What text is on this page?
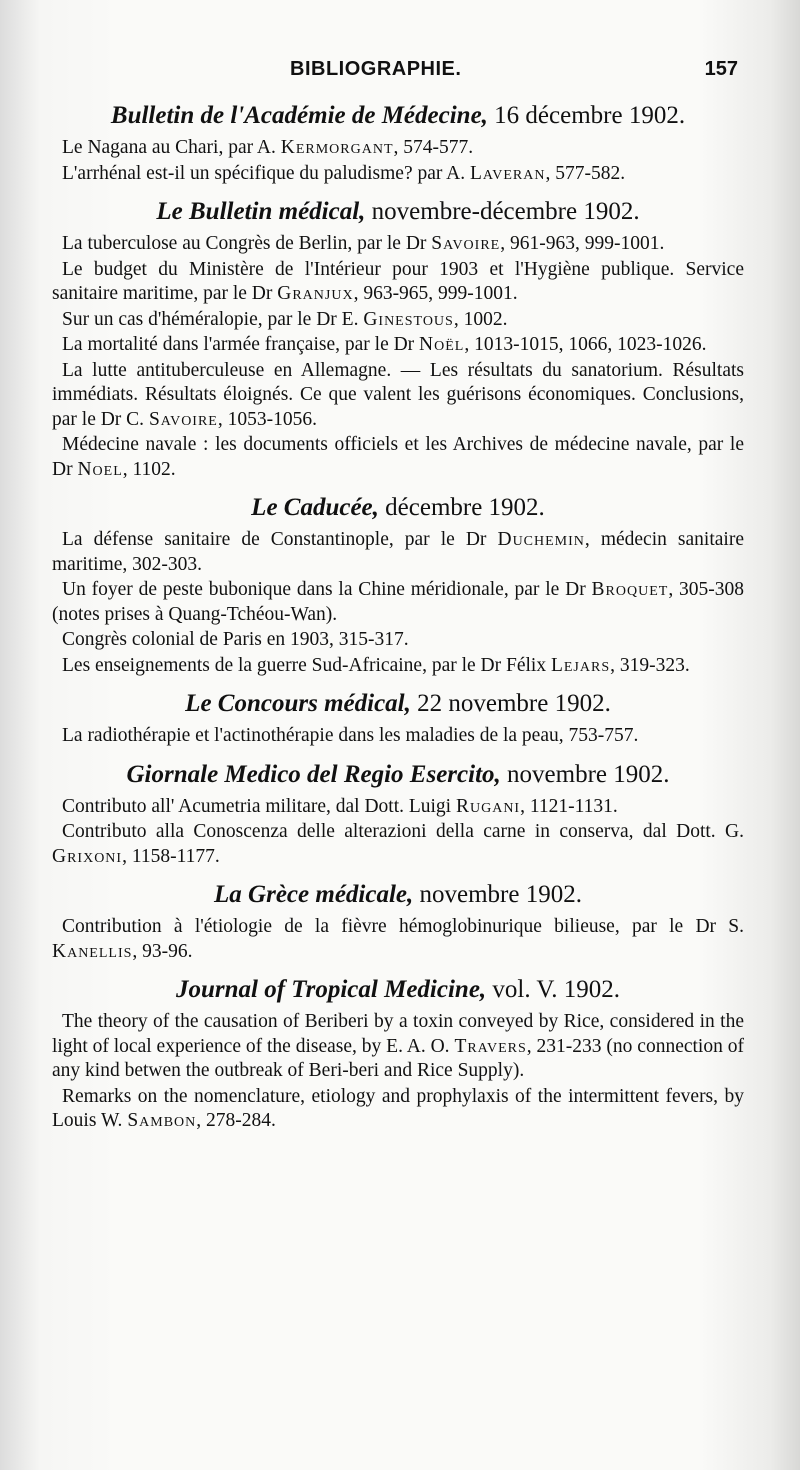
BIBLIOGRAPHIE.	157
Bulletin de l'Académie de Médecine, 16 décembre 1902.
Le Nagana au Chari, par A. Kermorgant, 574-577.
L'arrhénal est-il un spécifique du paludisme? par A. Laveran, 577-582.
Le Bulletin médical, novembre-décembre 1902.
La tuberculose au Congrès de Berlin, par le Dr Savoire, 961-963, 999-1001.
Le budget du Ministère de l'Intérieur pour 1903 et l'Hygiène publique. Service sanitaire maritime, par le Dr Granjux, 963-965, 999-1001.
Sur un cas d'héméralopie, par le Dr E. Ginestous, 1002.
La mortalité dans l'armée française, par le Dr Noël, 1013-1015, 1066, 1023-1026.
La lutte antituberculeuse en Allemagne. — Les résultats du sanatorium. Résultats immédiats. Résultats éloignés. Ce que valent les guérisons économiques. Conclusions, par le Dr C. Savoire, 1053-1056.
Médecine navale : les documents officiels et les Archives de médecine navale, par le Dr Noel, 1102.
Le Caducée, décembre 1902.
La défense sanitaire de Constantinople, par le Dr Duchemin, médecin sanitaire maritime, 302-303.
Un foyer de peste bubonique dans la Chine méridionale, par le Dr Broquet, 305-308 (notes prises à Quang-Tchéou-Wan).
Congrès colonial de Paris en 1903, 315-317.
Les enseignements de la guerre Sud-Africaine, par le Dr Félix Lejars, 319-323.
Le Concours médical, 22 novembre 1902.
La radiothérapie et l'actinothérapie dans les maladies de la peau, 753-757.
Giornale Medico del Regio Esercito, novembre 1902.
Contributo all' Acumetria militare, dal Dott. Luigi Rugani, 1121-1131.
Contributo alla Conoscenza delle alterazioni della carne in conserva, dal Dott. G. Grixoni, 1158-1177.
La Grèce médicale, novembre 1902.
Contribution à l'étiologie de la fièvre hémoglobinurique bilieuse, par le Dr S. Kanellis, 93-96.
Journal of Tropical Medicine, vol. V. 1902.
The theory of the causation of Beriberi by a toxin conveyed by Rice, considered in the light of local experience of the disease, by E. A. O. Travers, 231-233 (no connection of any kind betwen the outbreak of Beri-beri and Rice Supply).
Remarks on the nomenclature, etiology and prophylaxis of the intermittent fevers, by Louis W. Sambon, 278-284.
